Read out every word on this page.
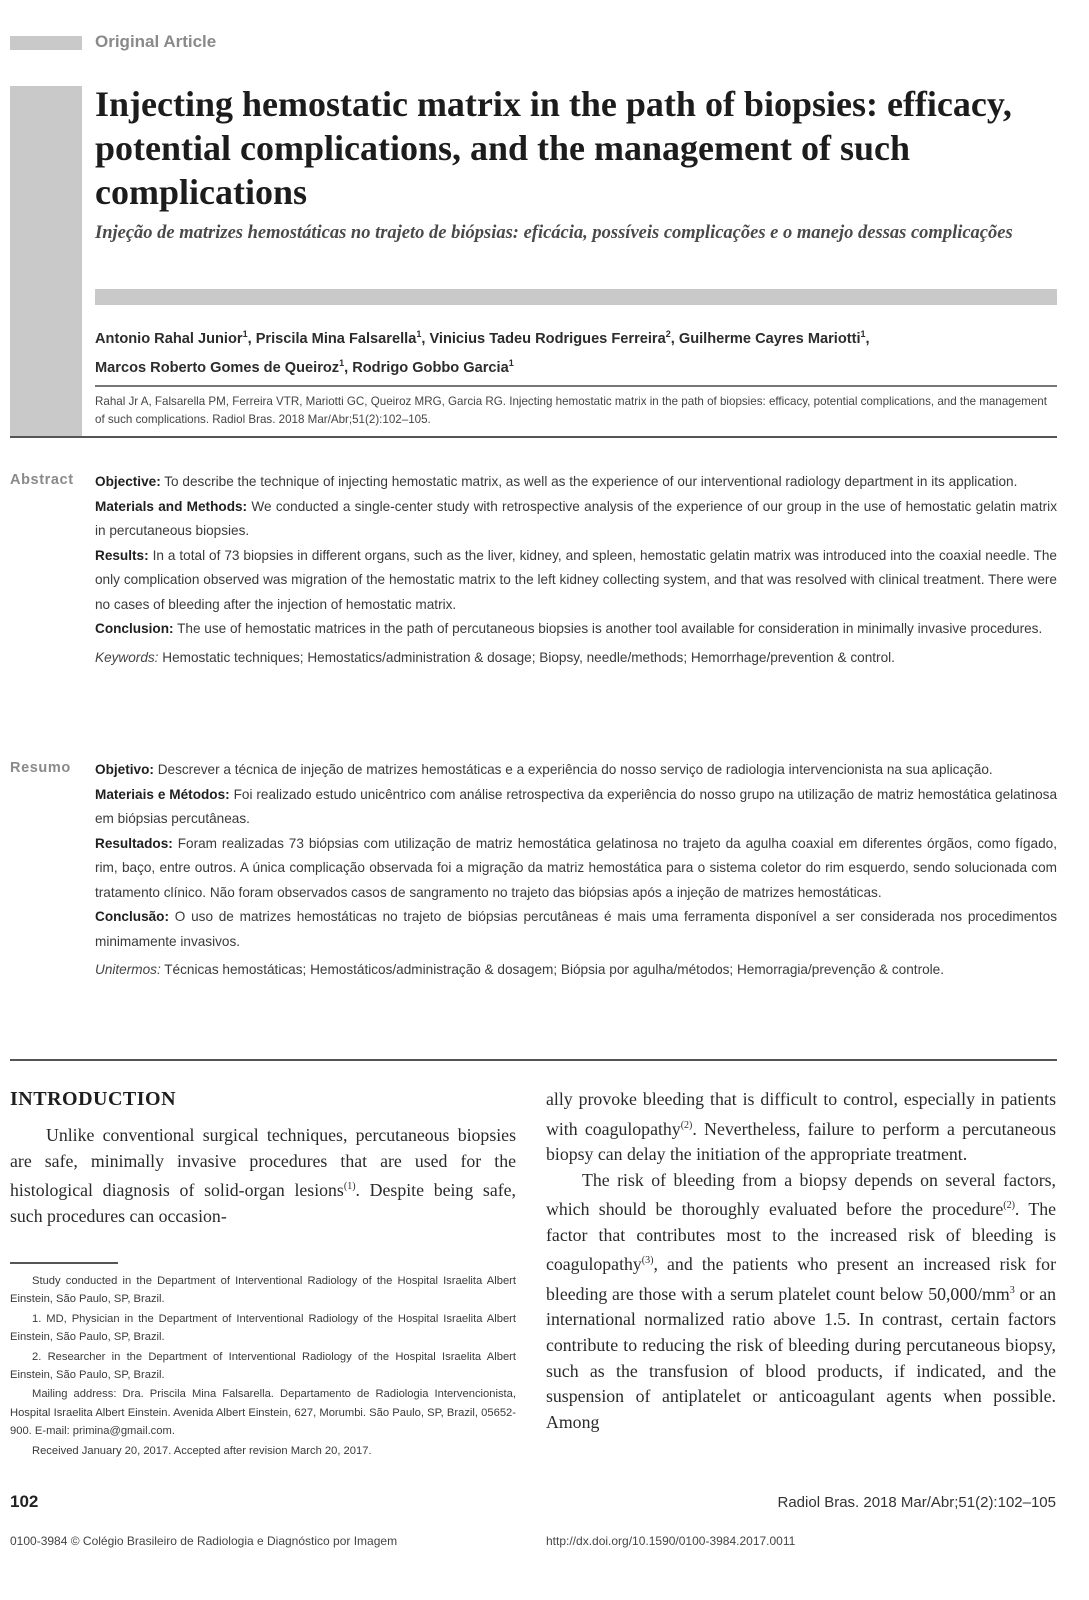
Original Article
Injecting hemostatic matrix in the path of biopsies: efficacy, potential complications, and the management of such complications
Injeção de matrizes hemostáticas no trajeto de biópsias: eficácia, possíveis complicações e o manejo dessas complicações
Antonio Rahal Junior$^1$, Priscila Mina Falsarella$^1$, Vinicius Tadeu Rodrigues Ferreira$^2$, Guilherme Cayres Mariotti$^1$,
Marcos Roberto Gomes de Queiroz$^1$, Rodrigo Gobbo Garcia$^1$
Rahal Jr A, Falsarella PM, Ferreira VTR, Mariotti GC, Queiroz MRG, Garcia RG. Injecting hemostatic matrix in the path of biopsies: efficacy, potential complications, and the management of such complications. Radiol Bras. 2018 Mar/Abr;51(2):102–105.
Abstract Objective: To describe the technique of injecting hemostatic matrix, as well as the experience of our interventional radiology department in its application.

Materials and Methods: We conducted a single-center study with retrospective analysis of the experience of our group in the use of hemostatic gelatin matrix in percutaneous biopsies.

Results: In a total of 73 biopsies in different organs, such as the liver, kidney, and spleen, hemostatic gelatin matrix was introduced into the coaxial needle. The only complication observed was migration of the hemostatic matrix to the left kidney collecting system, and that was resolved with clinical treatment. There were no cases of bleeding after the injection of hemostatic matrix.

Conclusion: The use of hemostatic matrices in the path of percutaneous biopsies is another tool available for consideration in minimally invasive procedures.

Keywords: Hemostatic techniques; Hemostatics/administration & dosage; Biopsy, needle/methods; Hemorrhage/prevention & control.

Resumo Objetivo: Descrever a técnica de injeção de matrizes hemostáticas e a experiência do nosso serviço de radiologia intervencionista na sua aplicação.

Materiais e Métodos: Foi realizado estudo unicêntrico com análise retrospectiva da experiência do nosso grupo na utilização de matriz hemostática gelatinosa em biópsias percutâneas.

Resultados: Foram realizadas 73 biópsias com utilização de matriz hemostática gelatinosa no trajeto da agulha coaxial em diferentes órgãos, como fígado, rim, baço, entre outros. A única complicação observada foi a migração da matriz hemostática para o sistema coletor do rim esquerdo, sendo solucionada com tratamento clínico. Não foram observados casos de sangramento no trajeto das biópsias após a injeção de matrizes hemostáticas.

Conclusão: O uso de matrizes hemostáticas no trajeto de biópsias percutâneas é mais uma ferramenta disponível a ser considerada nos procedimentos minimamente invasivos.

Unitermos: Técnicas hemostáticas; Hemostáticos/administração & dosagem; Biópsia por agulha/métodos; Hemorragia/prevenção & controle.

INTRODUCTION

Unlike conventional surgical techniques, percutaneous biopsies are safe, minimally invasive procedures that are used for the histological diagnosis of solid-organ lesions$^{(1)}$. Despite being safe, such procedures can occasion-

ally provoke bleeding that is difficult to control, especially in patients with coagulopathy$^{(2)}$. Nevertheless, failure to perform a percutaneous biopsy can delay the initiation of the appropriate treatment.

The risk of bleeding from a biopsy depends on several factors, which should be thoroughly evaluated before the procedure$^{(2)}$. The factor that contributes most to the increased risk of bleeding is coagulopathy$^{(3)}$, and the patients who present an increased risk for bleeding are those with a serum platelet count below $50,000/mm^3$ or an international normalized ratio above 1.5. In contrast, certain factors contribute to reducing the risk of bleeding during percutaneous biopsy, such as the transfusion of blood products, if indicated, and the suspension of antiplatelet or anticoagulant agents when possible. Among

Study conducted in the Department of Interventional Radiology of the Hospital Israelita Albert Einstein, São Paulo, SP, Brazil.

1. MD, Physician in the Department of Interventional Radiology of the Hospital Israelita Albert Einstein, São Paulo, SP, Brazil.

2. Researcher in the Department of Interventional Radiology of the Hospital Israelita Albert Einstein, São Paulo, SP, Brazil.

Mailing address: Dra. Priscila Mina Falsarella. Departamento de Radiologia Intervencionista, Hospital Israelita Albert Einstein. Avenida Albert Einstein, 627, Morumbi. São Paulo, SP, Brazil, 05652-900. E-mail: primina@gmail.com.

Received January 20, 2017. Accepted after revision March 20, 2017.

102	Radiol Bras. 2018 Mar/Abr;51(2):102–105
0100-3984 © Colégio Brasileiro de Radiologia e Diagnóstico por Imagem	http://dx.doi.org/10.1590/0100-3984.2017.0011
